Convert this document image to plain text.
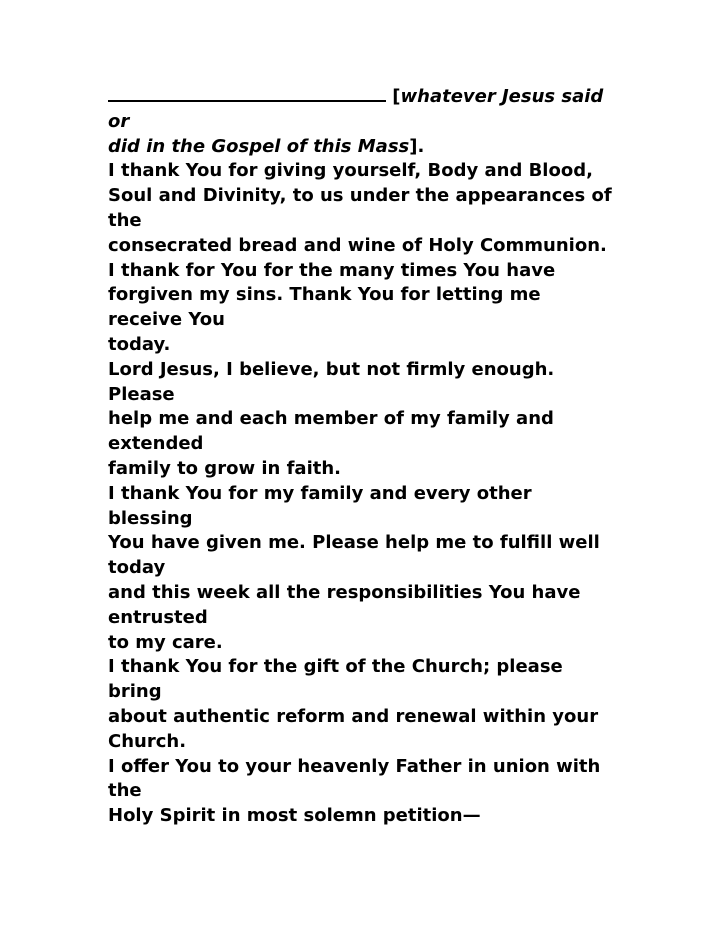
[whatever Jesus said
or
did in the Gospel of this Mass].
I thank You for giving yourself, Body and Blood,
Soul and Divinity, to us under the appearances of
the
consecrated bread and wine of Holy Communion.
I thank for You for the many times You have
forgiven my sins. Thank You for letting me
receive You
today.
Lord Jesus, I believe, but not firmly enough.
Please
help me and each member of my family and
extended
family to grow in faith.
I thank You for my family and every other
blessing
You have given me. Please help me to fulfill well
today
and this week all the responsibilities You have
entrusted
to my care.
I thank You for the gift of the Church; please
bring
about authentic reform and renewal within your
Church.
I offer You to your heavenly Father in union with
the
Holy Spirit in most solemn petition—
